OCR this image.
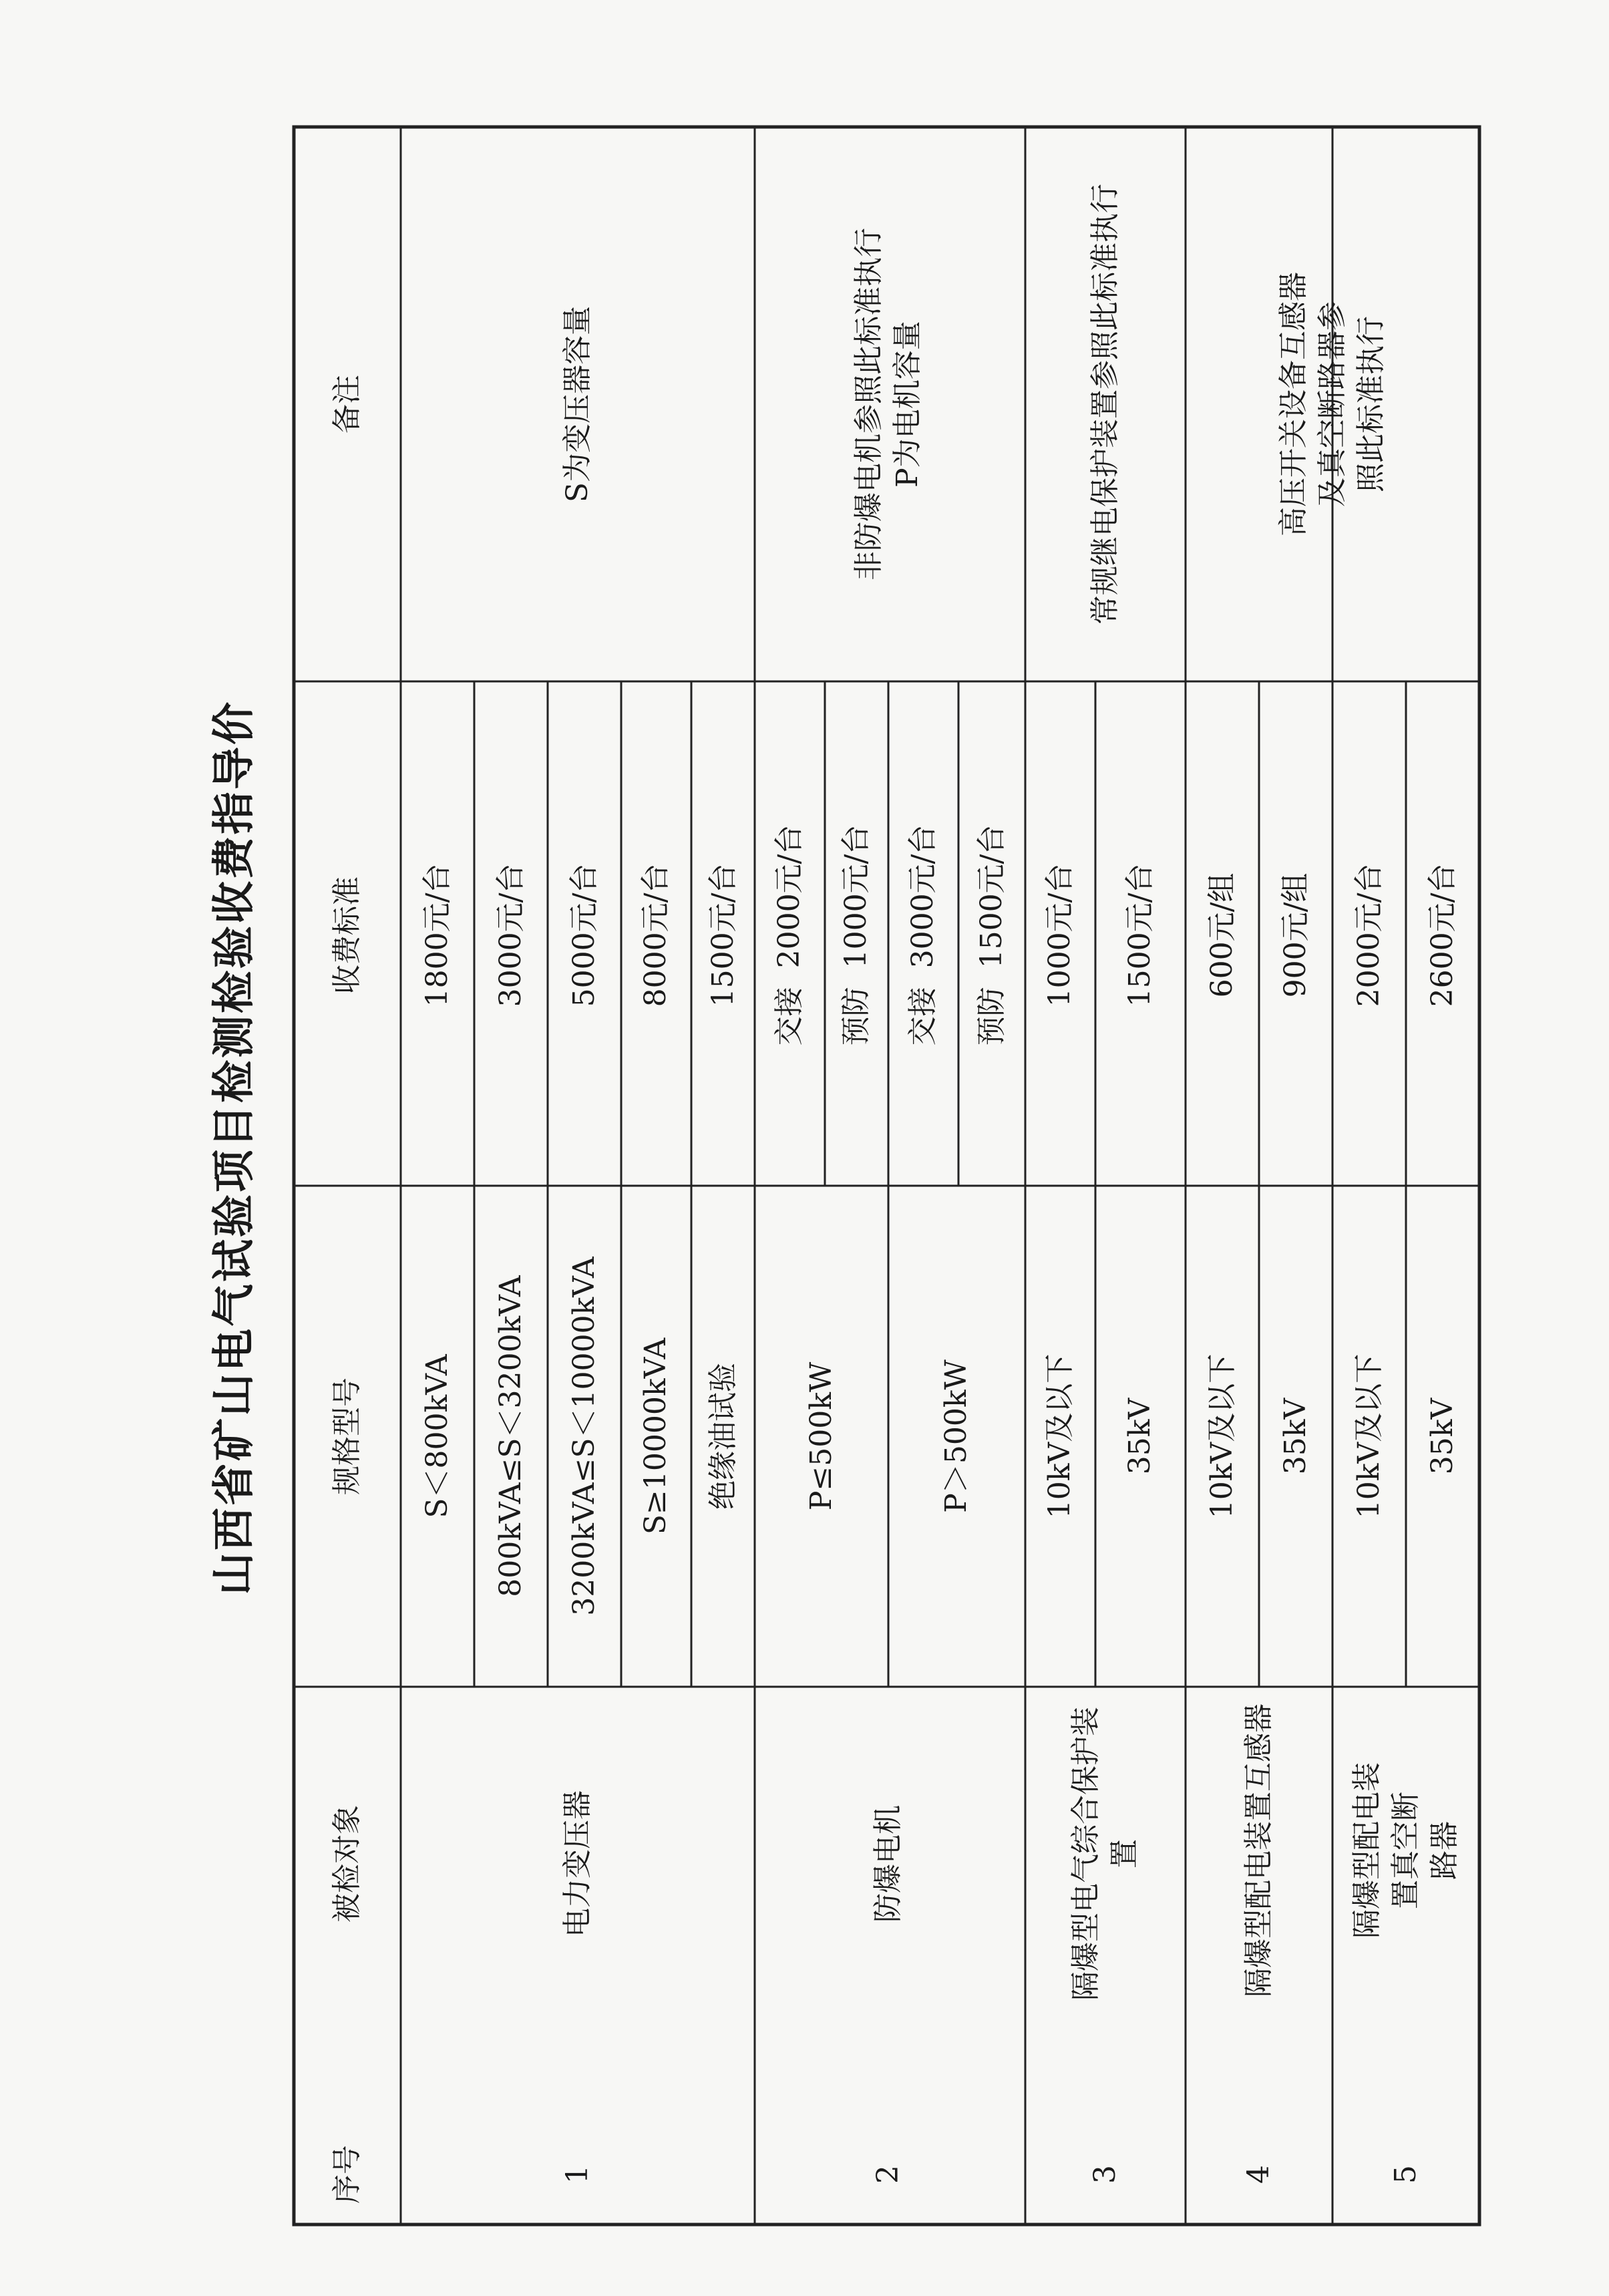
山西省矿山电气试验项目检测检验收费指导价
序号
被检对象
规格型号
收费标准
备注
1
电力变压器
S＜800kVA
1800元/台
800kVA≤S＜3200kVA
3000元/台
3200kVA≤S＜10000kVA
5000元/台
S≥10000kVA
8000元/台
绝缘油试验
1500元/台
S为变压器容量
2
防爆电机
P≤500kW	P＞500kW
交接  2000元/台
预防  1000元/台
交接  3000元/台
预防  1500元/台
非防爆电机参照此标准执行 P为电机容量
3
隔爆型电气综合保护装 置
10kV及以下
1000元/台
35kV
1500元/台
常规继电保护装置参照此标准执行
4
隔爆型配电装置互感器
10kV及以下
600元/组
35kV
900元/组
高压开关设备互感器及真空断路器参 照此标准执行
5
隔爆型配电装置真空断 路器
10kV及以下
2000元/台
35kV
2600元/台
